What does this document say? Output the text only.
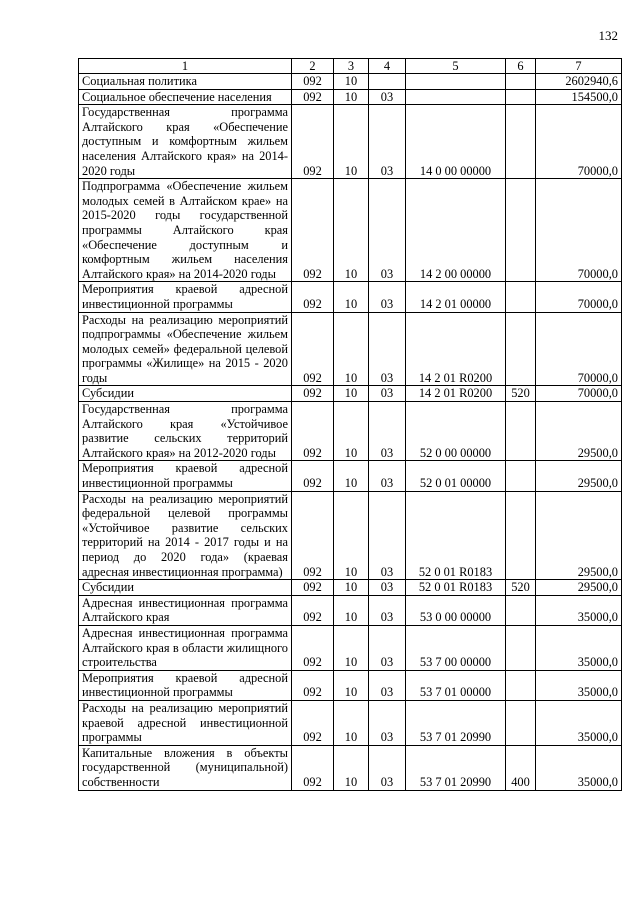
132
1	2	3	4	5	6	7
Социальная политика	092	10				2602940,6
Социальное обеспечение населения	092	10	03			154500,0
Государственная программа Алтайского края «Обеспечение доступным и комфортным жильем населения Алтайского края» на 2014-2020 годы	092	10	03	14 0 00 00000		70000,0
Подпрограмма «Обеспечение жильем молодых семей в Алтайском крае» на 2015-2020 годы государственной программы Алтайского края «Обеспечение доступным и комфортным жильем населения Алтайского края» на 2014-2020 годы	092	10	03	14 2 00 00000		70000,0
Мероприятия краевой адресной инвестиционной программы	092	10	03	14 2 01 00000		70000,0
Расходы на реализацию мероприятий подпрограммы «Обеспечение жильем молодых семей» федеральной целевой программы «Жилище» на 2015 - 2020 годы	092	10	03	14 2 01 R0200		70000,0
Субсидии	092	10	03	14 2 01 R0200	520	70000,0
Государственная программа Алтайского края «Устойчивое развитие сельских территорий Алтайского края» на 2012-2020 годы	092	10	03	52 0 00 00000		29500,0
Мероприятия краевой адресной инвестиционной программы	092	10	03	52 0 01 00000		29500,0
Расходы на реализацию мероприятий федеральной целевой программы «Устойчивое развитие сельских территорий на 2014 - 2017 годы и на период до 2020 года» (краевая адресная инвестиционная программа)	092	10	03	52 0 01 R0183		29500,0
Субсидии	092	10	03	52 0 01 R0183	520	29500,0
Адресная инвестиционная программа Алтайского края	092	10	03	53 0 00 00000		35000,0
Адресная инвестиционная программа Алтайского края в области жилищного строительства	092	10	03	53 7 00 00000		35000,0
Мероприятия краевой адресной инвестиционной программы	092	10	03	53 7 01 00000		35000,0
Расходы на реализацию мероприятий краевой адресной инвестиционной программы	092	10	03	53 7 01 20990		35000,0
Капитальные вложения в объекты государственной (муниципальной) собственности	092	10	03	53 7 01 20990	400	35000,0
